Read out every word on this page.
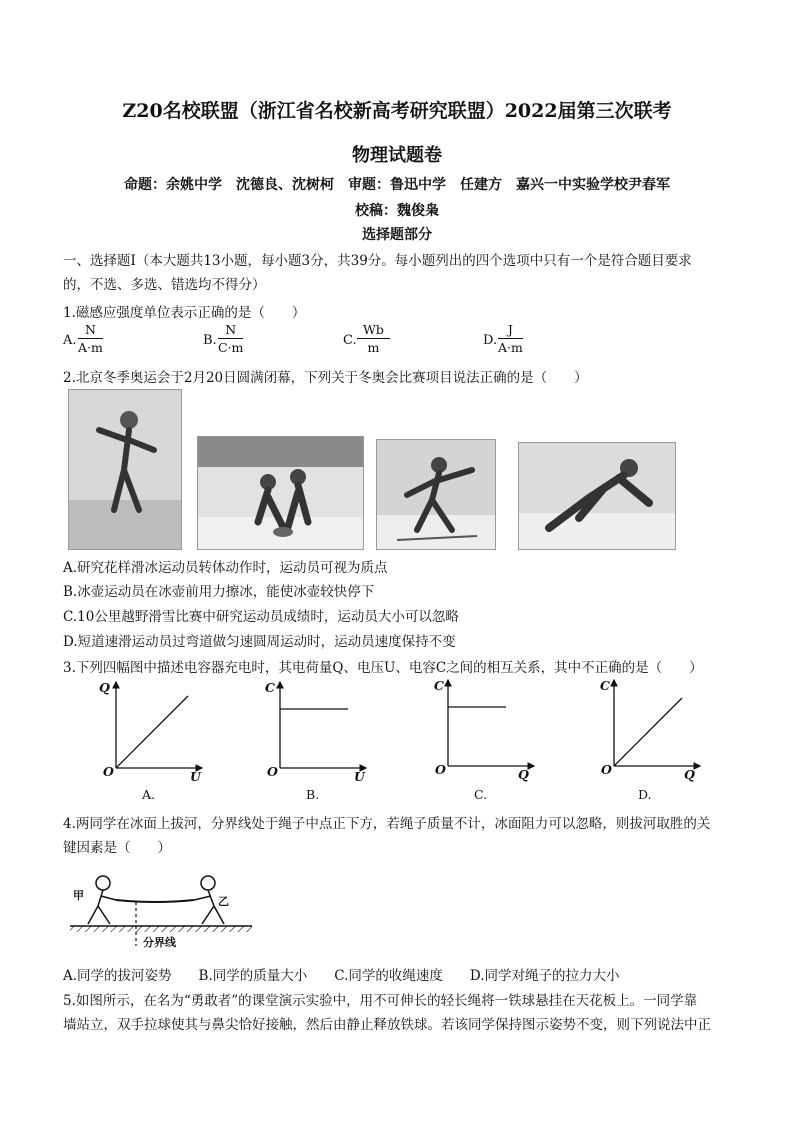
Z20名校联盟（浙江省名校新高考研究联盟）2022届第三次联考
物理试题卷
命题：余姚中学　沈德良、沈树柯　审题：鲁迅中学　任建方　嘉兴一中实验学校尹春军
校稿：魏俊枭
选择题部分
一、选择题Ⅰ（本大题共13小题，每小题3分，共39分。每小题列出的四个选项中只有一个是符合题目要求
的，不选、多选、错选均不得分）
1.磁感应强度单位表示正确的是（　　）
A. $\frac{N}{A\cdot m}$	B. $\frac{N}{C\cdot m}$	C. $\frac{Wb}{m}$	D. $\frac{J}{A\cdot m}$
2.北京冬季奥运会于2月20日圆满闭幕，下列关于冬奥会比赛项目说法正确的是（　　）
A.研究花样滑冰运动员转体动作时，运动员可视为质点
B.冰壶运动员在冰壶前用力擦冰，能使冰壶较快停下
C.10公里越野滑雪比赛中研究运动员成绩时，运动员大小可以忽略
D.短道速滑运动员过弯道做匀速圆周运动时，运动员速度保持不变
3.下列四幅图中描述电容器充电时，其电荷量Q、电压U、电容C之间的相互关系，其中不正确的是（　　）
Q
O	U
A.
C
O	U
B.
C
O	Q
C.
C
O	Q
D.
4.两同学在冰面上拔河，分界线处于绳子中点正下方，若绳子质量不计，冰面阻力可以忽略，则拔河取胜的关
键因素是（　　）
甲	乙
分界线
A.同学的拔河姿势　　B.同学的质量大小　　C.同学的收绳速度　　D.同学对绳子的拉力大小
5.如图所示，在名为“勇敢者”的课堂演示实验中，用不可伸长的轻长绳将一铁球悬挂在天花板上。一同学靠
墙站立，双手拉球使其与鼻尖恰好接触，然后由静止释放铁球。若该同学保持图示姿势不变，则下列说法中正
